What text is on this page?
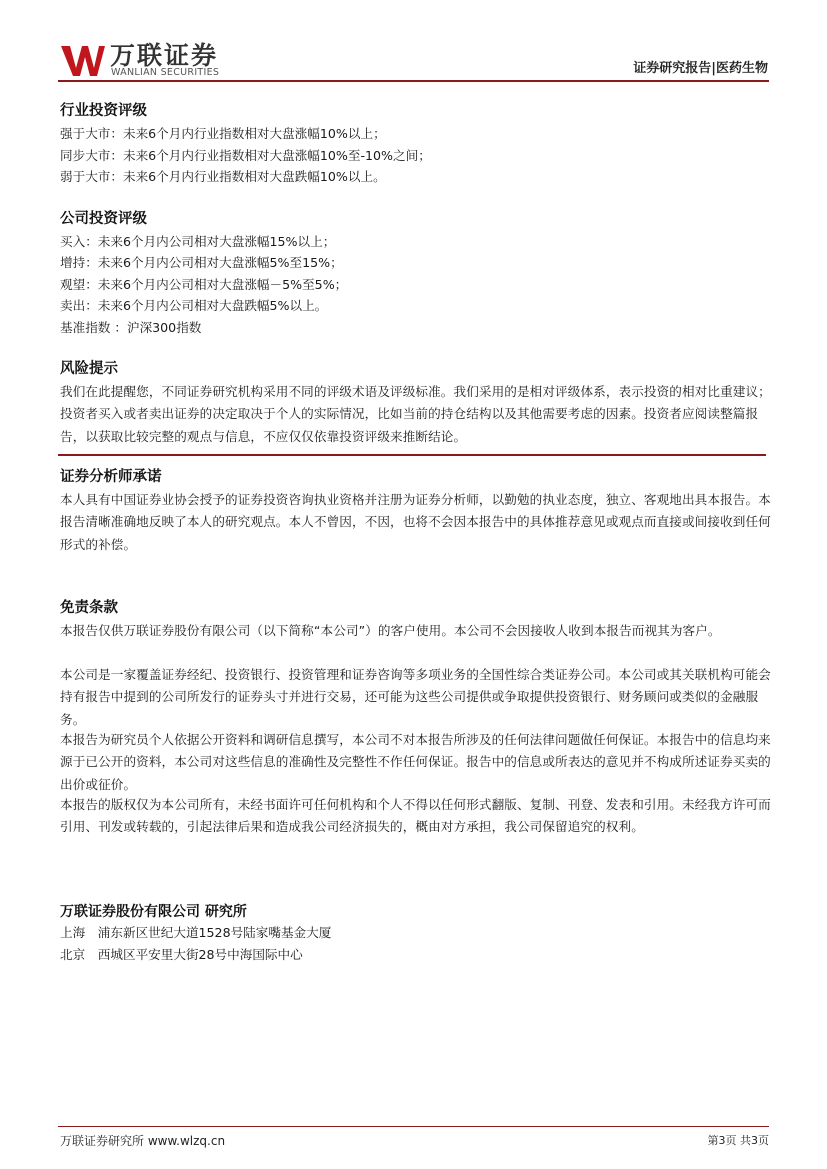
万联证券
WANLIAN SECURITIES	证券研究报告|医药生物
行业投资评级
强于大市：未来6个月内行业指数相对大盘涨幅10%以上；
同步大市：未来6个月内行业指数相对大盘涨幅10%至-10%之间；
弱于大市：未来6个月内行业指数相对大盘跌幅10%以上。
公司投资评级
买入：未来6个月内公司相对大盘涨幅15%以上；
增持：未来6个月内公司相对大盘涨幅5%至15%；
观望：未来6个月内公司相对大盘涨幅－5%至5%；
卖出：未来6个月内公司相对大盘跌幅5%以上。
基准指数 ：沪深300指数
风险提示
我们在此提醒您，不同证券研究机构采用不同的评级术语及评级标准。我们采用的是相对评级体系，表示投资的相对比重建议；投资者买入或者卖出证券的决定取决于个人的实际情况，比如当前的持仓结构以及其他需要考虑的因素。投资者应阅读整篇报告，以获取比较完整的观点与信息，不应仅仅依靠投资评级来推断结论。
证券分析师承诺
本人具有中国证券业协会授予的证券投资咨询执业资格并注册为证券分析师，以勤勉的执业态度，独立、客观地出具本报告。本报告清晰准确地反映了本人的研究观点。本人不曾因，不因，也将不会因本报告中的具体推荐意见或观点而直接或间接收到任何形式的补偿。
免责条款
本报告仅供万联证券股份有限公司（以下简称“本公司”）的客户使用。本公司不会因接收人收到本报告而视其为客户。
本公司是一家覆盖证券经纪、投资银行、投资管理和证券咨询等多项业务的全国性综合类证券公司。本公司或其关联机构可能会持有报告中提到的公司所发行的证券头寸并进行交易，还可能为这些公司提供或争取提供投资银行、财务顾问或类似的金融服务。
本报告为研究员个人依据公开资料和调研信息撰写，本公司不对本报告所涉及的任何法律问题做任何保证。本报告中的信息均来源于已公开的资料，本公司对这些信息的准确性及完整性不作任何保证。报告中的信息或所表达的意见并不构成所述证券买卖的出价或征价。
本报告的版权仅为本公司所有，未经书面许可任何机构和个人不得以任何形式翻版、复制、刊登、发表和引用。未经我方许可而引用、刊发或转载的，引起法律后果和造成我公司经济损失的，概由对方承担，我公司保留追究的权利。
万联证券股份有限公司 研究所
上海　浦东新区世纪大道1528号陆家嘴基金大厦
北京　西城区平安里大街28号中海国际中心
万联证券研究所 www.wlzq.cn	第3页 共3页
